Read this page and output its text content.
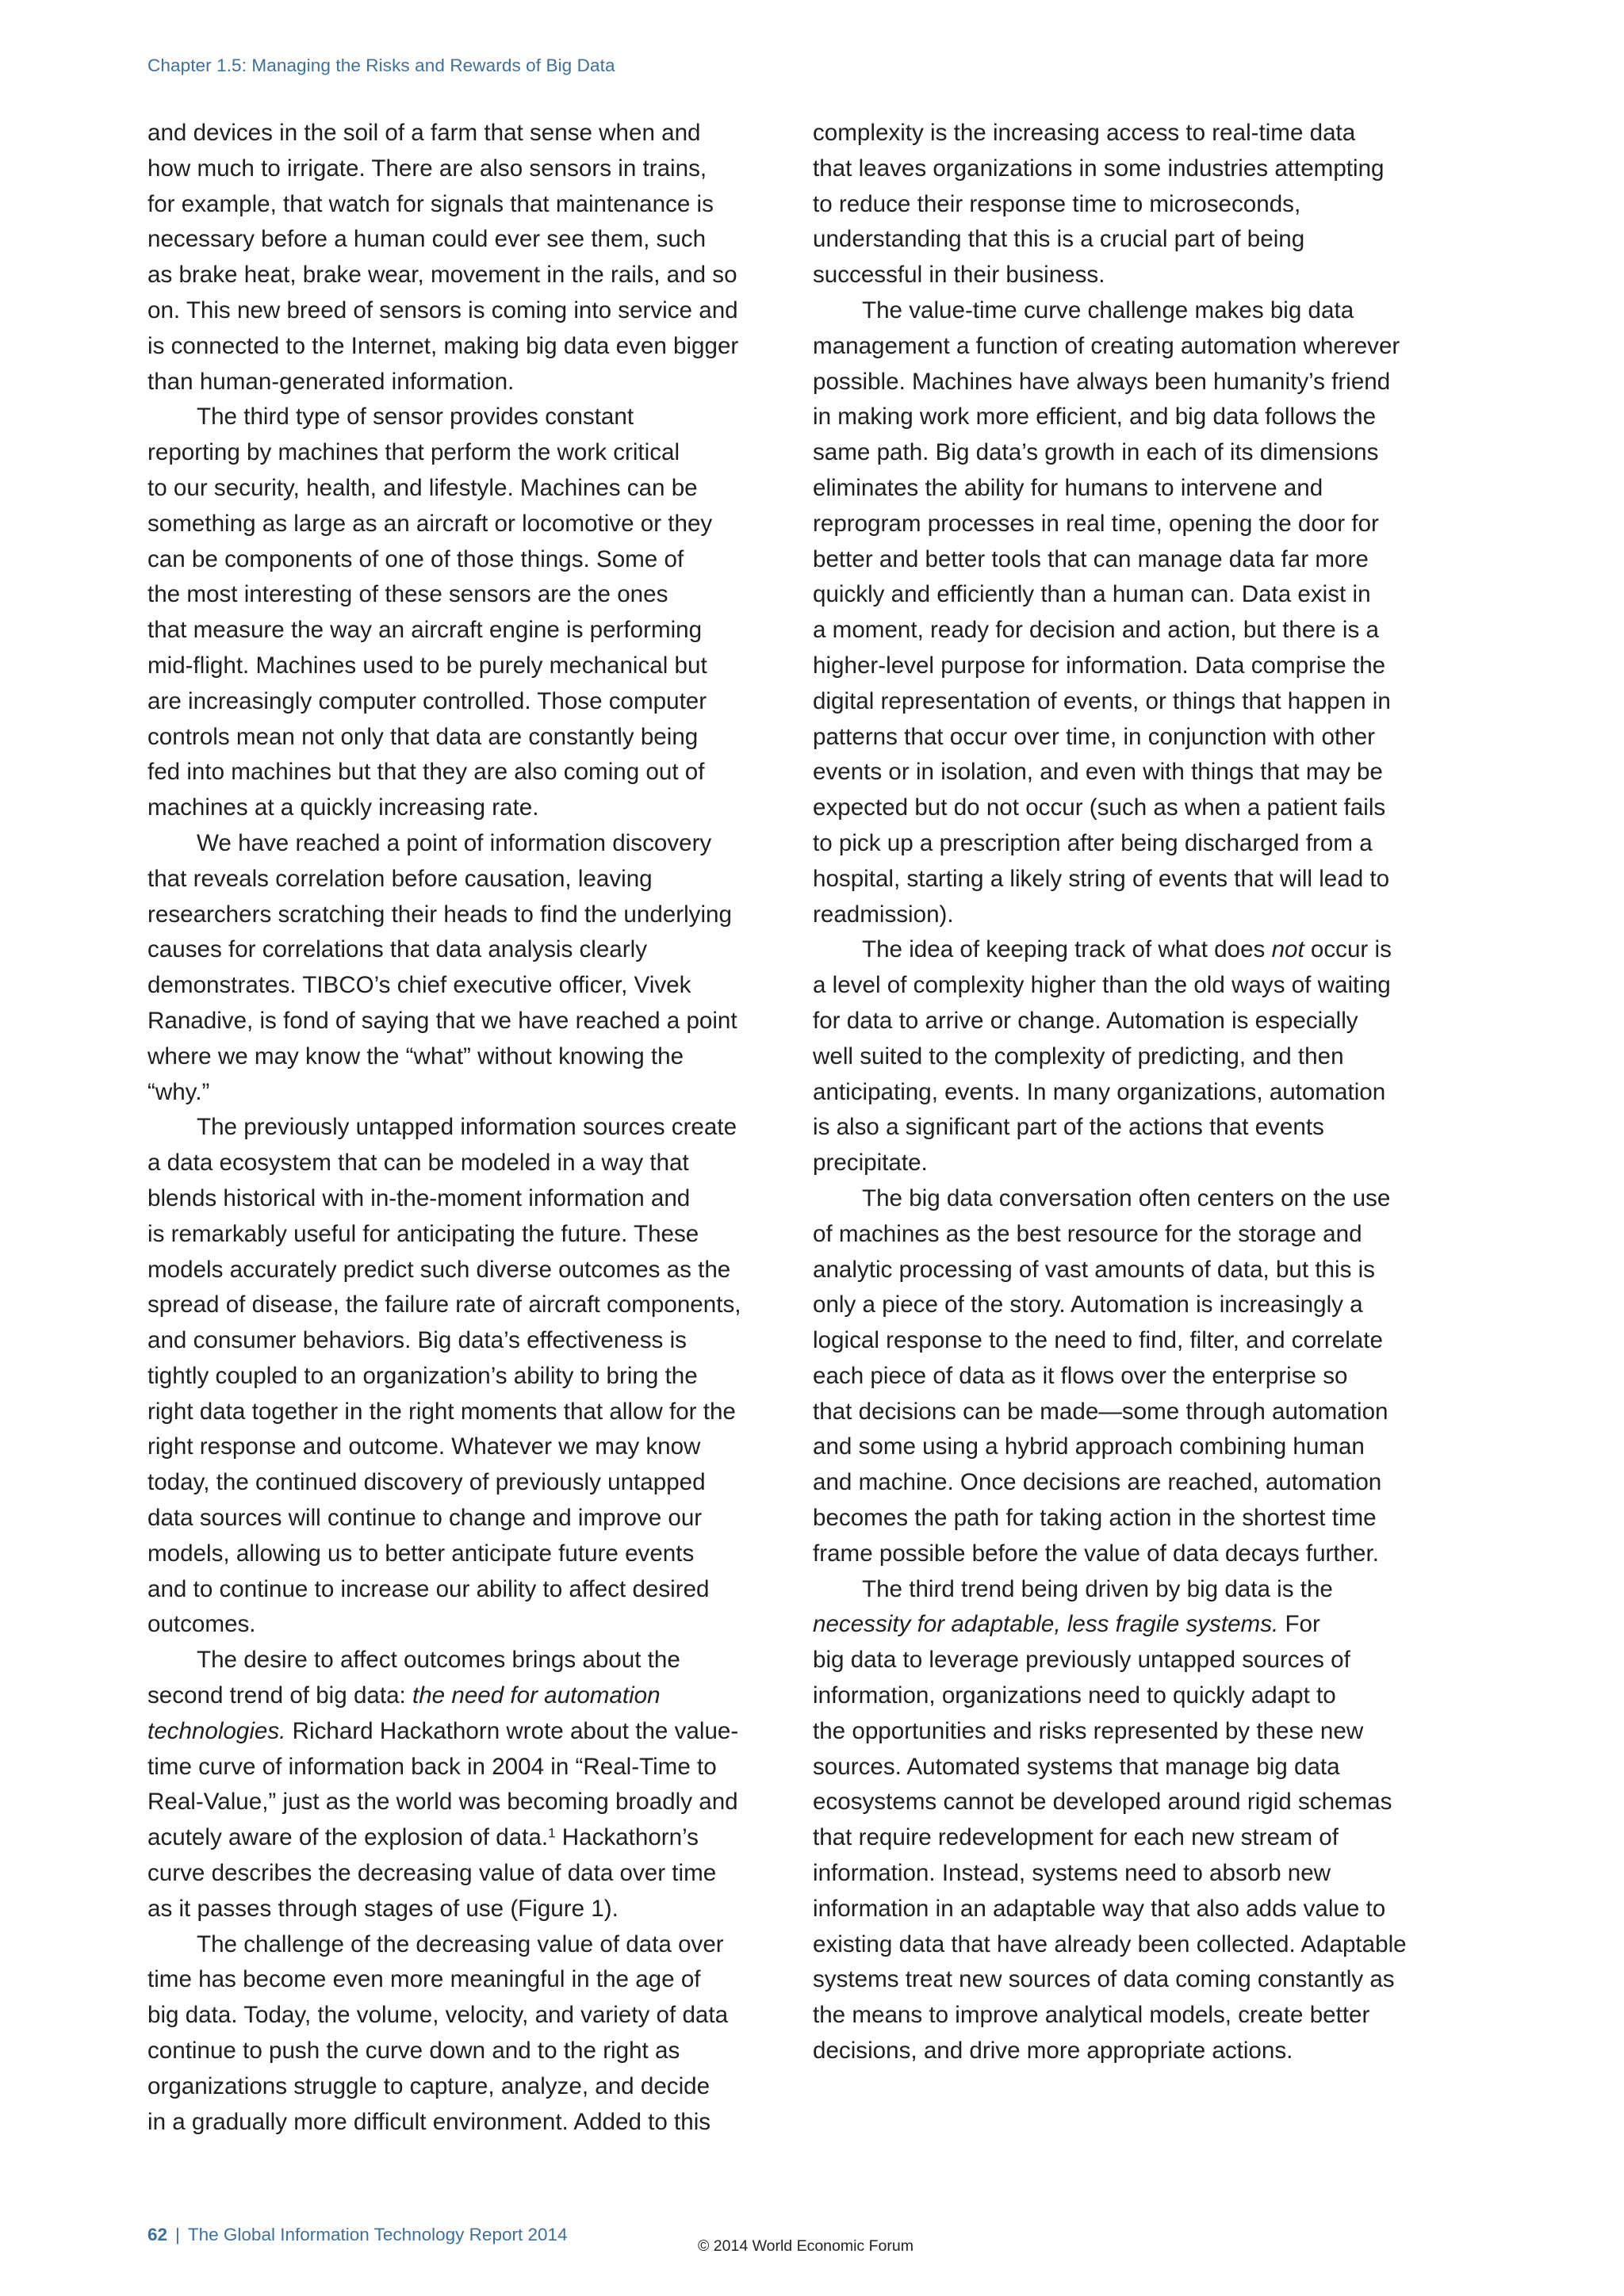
Chapter 1.5: Managing the Risks and Rewards of Big Data
and devices in the soil of a farm that sense when and
how much to irrigate. There are also sensors in trains,
for example, that watch for signals that maintenance is
necessary before a human could ever see them, such
as brake heat, brake wear, movement in the rails, and so
on. This new breed of sensors is coming into service and
is connected to the Internet, making big data even bigger
than human-generated information.
The third type of sensor provides constant
reporting by machines that perform the work critical
to our security, health, and lifestyle. Machines can be
something as large as an aircraft or locomotive or they
can be components of one of those things. Some of
the most interesting of these sensors are the ones
that measure the way an aircraft engine is performing
mid-flight. Machines used to be purely mechanical but
are increasingly computer controlled. Those computer
controls mean not only that data are constantly being
fed into machines but that they are also coming out of
machines at a quickly increasing rate.
We have reached a point of information discovery
that reveals correlation before causation, leaving
researchers scratching their heads to find the underlying
causes for correlations that data analysis clearly
demonstrates. TIBCO’s chief executive officer, Vivek
Ranadive, is fond of saying that we have reached a point
where we may know the “what” without knowing the
“why.”
The previously untapped information sources create
a data ecosystem that can be modeled in a way that
blends historical with in-the-moment information and
is remarkably useful for anticipating the future. These
models accurately predict such diverse outcomes as the
spread of disease, the failure rate of aircraft components,
and consumer behaviors. Big data’s effectiveness is
tightly coupled to an organization’s ability to bring the
right data together in the right moments that allow for the
right response and outcome. Whatever we may know
today, the continued discovery of previously untapped
data sources will continue to change and improve our
models, allowing us to better anticipate future events
and to continue to increase our ability to affect desired
outcomes.
The desire to affect outcomes brings about the
second trend of big data: the need for automation
technologies. Richard Hackathorn wrote about the value-
time curve of information back in 2004 in “Real-Time to
Real-Value,” just as the world was becoming broadly and
acutely aware of the explosion of data.$^1$ Hackathorn’s
curve describes the decreasing value of data over time
as it passes through stages of use (Figure 1).
The challenge of the decreasing value of data over
time has become even more meaningful in the age of
big data. Today, the volume, velocity, and variety of data
continue to push the curve down and to the right as
organizations struggle to capture, analyze, and decide
in a gradually more difficult environment. Added to this
complexity is the increasing access to real-time data
that leaves organizations in some industries attempting
to reduce their response time to microseconds,
understanding that this is a crucial part of being
successful in their business.
The value-time curve challenge makes big data
management a function of creating automation wherever
possible. Machines have always been humanity’s friend
in making work more efficient, and big data follows the
same path. Big data’s growth in each of its dimensions
eliminates the ability for humans to intervene and
reprogram processes in real time, opening the door for
better and better tools that can manage data far more
quickly and efficiently than a human can. Data exist in
a moment, ready for decision and action, but there is a
higher-level purpose for information. Data comprise the
digital representation of events, or things that happen in
patterns that occur over time, in conjunction with other
events or in isolation, and even with things that may be
expected but do not occur (such as when a patient fails
to pick up a prescription after being discharged from a
hospital, starting a likely string of events that will lead to
readmission).
The idea of keeping track of what does not occur is
a level of complexity higher than the old ways of waiting
for data to arrive or change. Automation is especially
well suited to the complexity of predicting, and then
anticipating, events. In many organizations, automation
is also a significant part of the actions that events
precipitate.
The big data conversation often centers on the use
of machines as the best resource for the storage and
analytic processing of vast amounts of data, but this is
only a piece of the story. Automation is increasingly a
logical response to the need to find, filter, and correlate
each piece of data as it flows over the enterprise so
that decisions can be made—some through automation
and some using a hybrid approach combining human
and machine. Once decisions are reached, automation
becomes the path for taking action in the shortest time
frame possible before the value of data decays further.
The third trend being driven by big data is the
necessity for adaptable, less fragile systems. For
big data to leverage previously untapped sources of
information, organizations need to quickly adapt to
the opportunities and risks represented by these new
sources. Automated systems that manage big data
ecosystems cannot be developed around rigid schemas
that require redevelopment for each new stream of
information. Instead, systems need to absorb new
information in an adaptable way that also adds value to
existing data that have already been collected. Adaptable
systems treat new sources of data coming constantly as
the means to improve analytical models, create better
decisions, and drive more appropriate actions.
62 | The Global Information Technology Report 2014
© 2014 World Economic Forum
